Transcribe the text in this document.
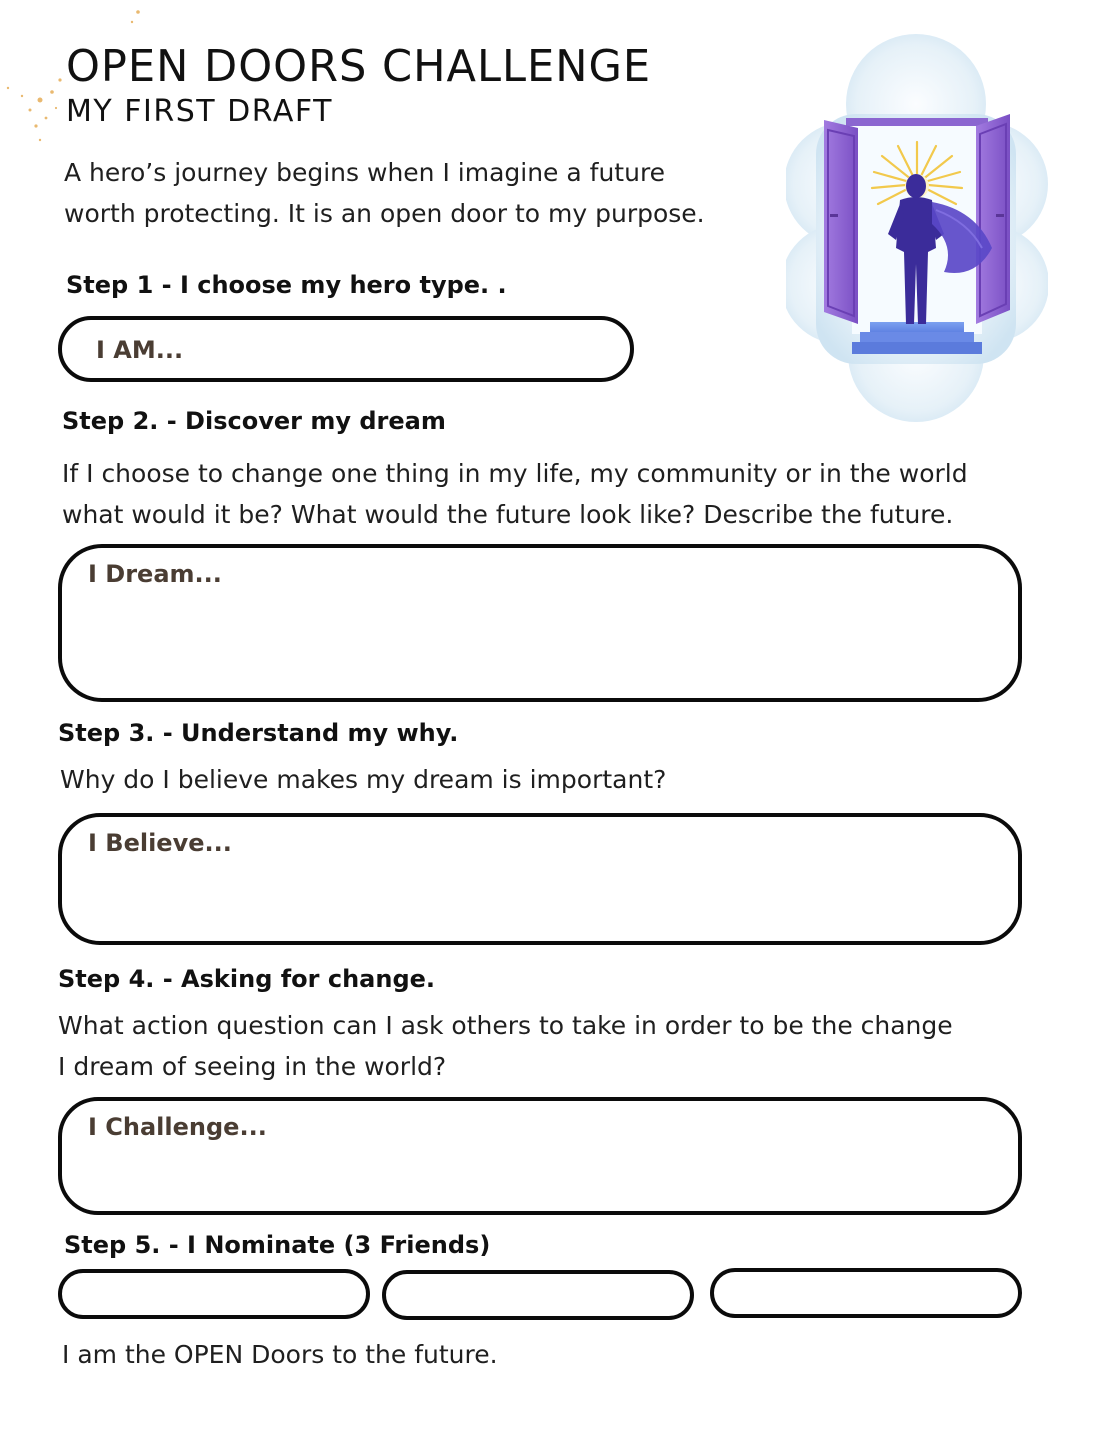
OPEN DOORS CHALLENGE
MY FIRST DRAFT

A hero’s journey begins when I imagine a future

worth protecting. It is an open door to my purpose.

Step 1 - I choose my hero type. .

I AM...

Step 2. - Discover my dream

If I choose to change one thing in my life, my community or in the world

what would it be? What would the future look like? Describe the future.

I Dream...

Step 3. - Understand my why.

Why do I believe makes my dream is important?

I Believe...

Step 4. - Asking for change.

What action question can I ask others to take in order to be the change

I dream of seeing in the world?

I Challenge...

Step 5. - I Nominate (3 Friends)

I am the OPEN Doors to the future.
